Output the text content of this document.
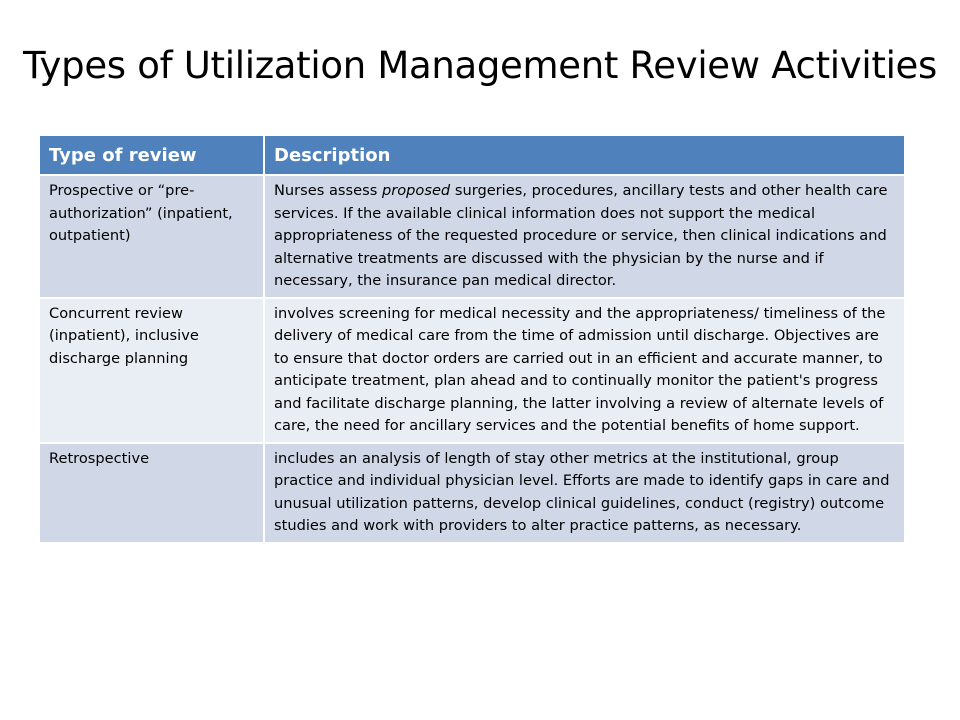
Types of Utilization Management Review Activities
Type of review	Description
Prospective or “pre-authorization” (inpatient, outpatient)	Nurses assess proposed surgeries, procedures, ancillary tests and other health care services. If the available clinical information does not support the medical appropriateness of the requested procedure or service, then clinical indications and alternative treatments are discussed with the physician by the nurse and if necessary, the insurance pan medical director.
Concurrent review (inpatient), inclusive discharge planning	involves screening for medical necessity and the appropriateness/ timeliness of the delivery of medical care from the time of admission until discharge. Objectives are to ensure that doctor orders are carried out in an efficient and accurate manner, to anticipate treatment, plan ahead and to continually monitor the patient's progress and facilitate discharge planning, the latter involving a review of alternate levels of care, the need for ancillary services and the potential benefits of home support.
Retrospective	includes an analysis of length of stay other metrics at the institutional, group practice and individual physician level. Efforts are made to identify gaps in care and unusual utilization patterns, develop clinical guidelines, conduct (registry) outcome studies and work with providers to alter practice patterns, as necessary.
